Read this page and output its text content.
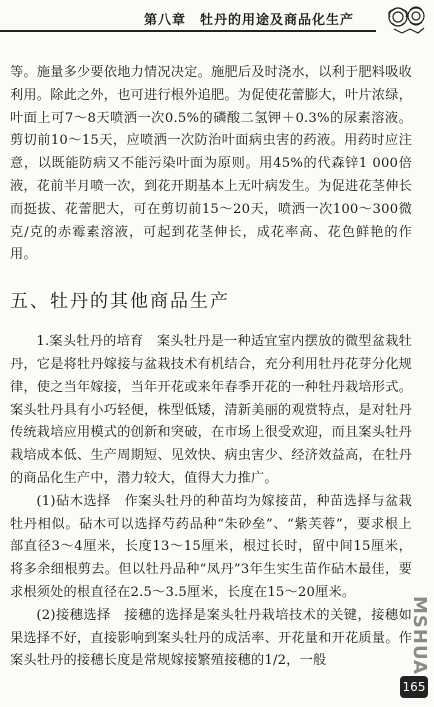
第八章　牡丹的用途及商品化生产

等。施量多少要依地力情况决定。施肥后及时浇水，以利于肥料吸收利用。除此之外，也可进行根外追肥。为促使花蕾膨大，叶片浓绿，叶面上可7～8天喷洒一次0.5%的磷酸二氢钾＋0.3%的尿素溶液。剪切前10～15天，应喷洒一次防治叶面病虫害的药液。用药时应注意，以既能防病又不能污染叶面为原则。用45%的代森锌1 000倍液，花前半月喷一次，到花开期基本上无叶病发生。为促进花茎伸长而挺拔、花蕾肥大，可在剪切前15～20天，喷洒一次100～300微克/克的赤霉素溶液，可起到花茎伸长，成花率高、花色鲜艳的作用。

五、牡丹的其他商品生产

1.案头牡丹的培育　案头牡丹是一种适宜室内摆放的微型盆栽牡丹，它是将牡丹嫁接与盆栽技术有机结合，充分利用牡丹花芽分化规律，使之当年嫁接，当年开花或来年春季开花的一种牡丹栽培形式。案头牡丹具有小巧轻便，株型低矮，清新美丽的观赏特点，是对牡丹传统栽培应用模式的创新和突破，在市场上很受欢迎，而且案头牡丹栽培成本低、生产周期短、见效快、病虫害少、经济效益高，在牡丹的商品化生产中，潜力较大，值得大力推广。

(1)砧木选择　作案头牡丹的种苗均为嫁接苗，种苗选择与盆栽牡丹相似。砧木可以选择芍药品种“朱砂垒”、“紫芙蓉”，要求根上部直径3～4厘米，长度13～15厘米，根过长时，留中间15厘米，将多余细根剪去。但以牡丹品种“凤丹”3年生实生苗作砧木最佳，要求根须处的根直径在2.5～3.5厘米，长度在15～20厘米。

(2)接穗选择　接穗的选择是案头牡丹栽培技术的关键，接穗如果选择不好，直接影响到案头牡丹的成活率、开花量和开花质量。作案头牡丹的接穗长度是常规嫁接繁殖接穗的1/2，一般	MSHUA
165
